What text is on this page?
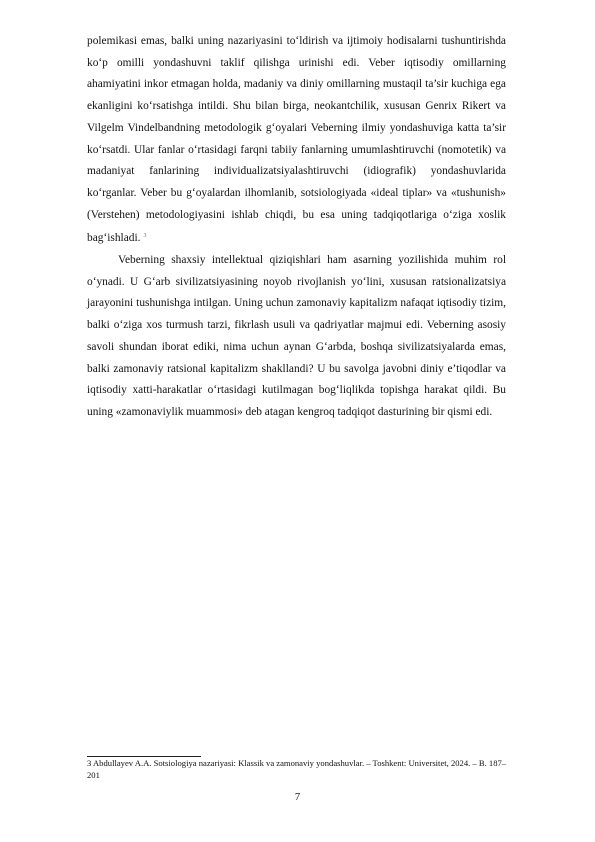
polemikasi emas, balki uning nazariyasini to‘ldirish va ijtimoiy hodisalarni tushuntirishda ko‘p omilli yondashuvni taklif qilishga urinishi edi. Veber iqtisodiy omillarning ahamiyatini inkor etmagan holda, madaniy va diniy omillarning mustaqil ta’sir kuchiga ega ekanligini ko‘rsatishga intildi. Shu bilan birga, neokantchilik, xususan Genrix Rikert va Vilgelm Vindelbandning metodologik g‘oyalari Veberning ilmiy yondashuviga katta ta’sir ko‘rsatdi. Ular fanlar o‘rtasidagi farqni tabiiy fanlarning umumlashtiruvchi (nomotetik) va madaniyat fanlarining individualizatsiyalashtiruvchi (idiografik) yondashuvlarida ko‘rganlar. Veber bu g‘oyalardan ilhomlanib, sotsiologiyada «ideal tiplar» va «tushunish» (Verstehen) metodologiyasini ishlab chiqdi, bu esa uning tadqiqotlariga o‘ziga xoslik bag‘ishladi. $^3$

Veberning shaxsiy intellektual qiziqishlari ham asarning yozilishida muhim rol o‘ynadi. U G‘arb sivilizatsiyasining noyob rivojlanish yo‘lini, xususan ratsionalizatsiya jarayonini tushunishga intilgan. Uning uchun zamonaviy kapitalizm nafaqat iqtisodiy tizim, balki o‘ziga xos turmush tarzi, fikrlash usuli va qadriyatlar majmui edi. Veberning asosiy savoli shundan iborat ediki, nima uchun aynan G‘arbda, boshqa sivilizatsiyalarda emas, balki zamonaviy ratsional kapitalizm shakllandi? U bu savolga javobni diniy e’tiqodlar va iqtisodiy xatti-harakatlar o‘rtasidagi kutilmagan bog‘liqlikda topishga harakat qildi. Bu uning «zamonaviylik muammosi» deb atagan kengroq tadqiqot dasturining bir qismi edi.

3 Abdullayev A.A. Sotsiologiya nazariyasi: Klassik va zamonaviy yondashuvlar. – Toshkent: Universitet, 2024. – B. 187–201

7
